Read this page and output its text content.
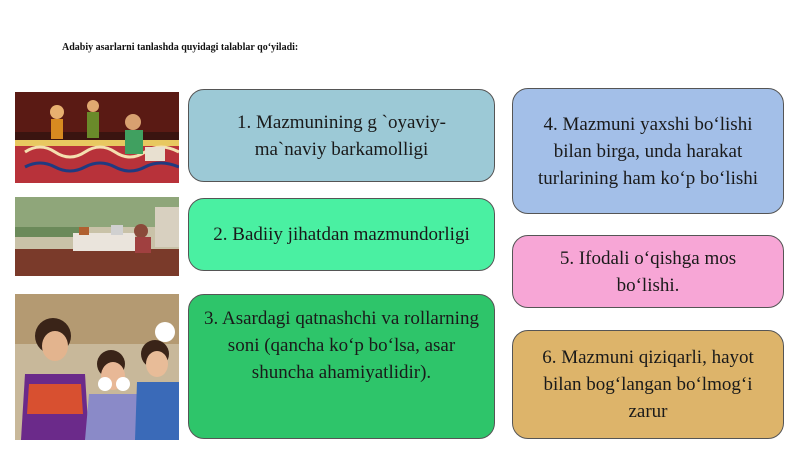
Adabiy asarlarni tanlashda quyidagi talablar qo‘yiladi:
1. Mazmunining g `oyaviy-ma`naviy barkamolligi
2. Badiiy jihatdan mazmundorligi
3. Asardagi qatnashchi va rollarning soni (qancha ko‘p bo‘lsa, asar shuncha ahamiyatlidir).
4. Mazmuni yaxshi bo‘lishi bilan birga, unda harakat turlarining ham ko‘p bo‘lishi
5. Ifodali o‘qishga mos bo‘lishi.
6. Mazmuni qiziqarli, hayot bilan bog‘langan bo‘lmog‘i zarur
